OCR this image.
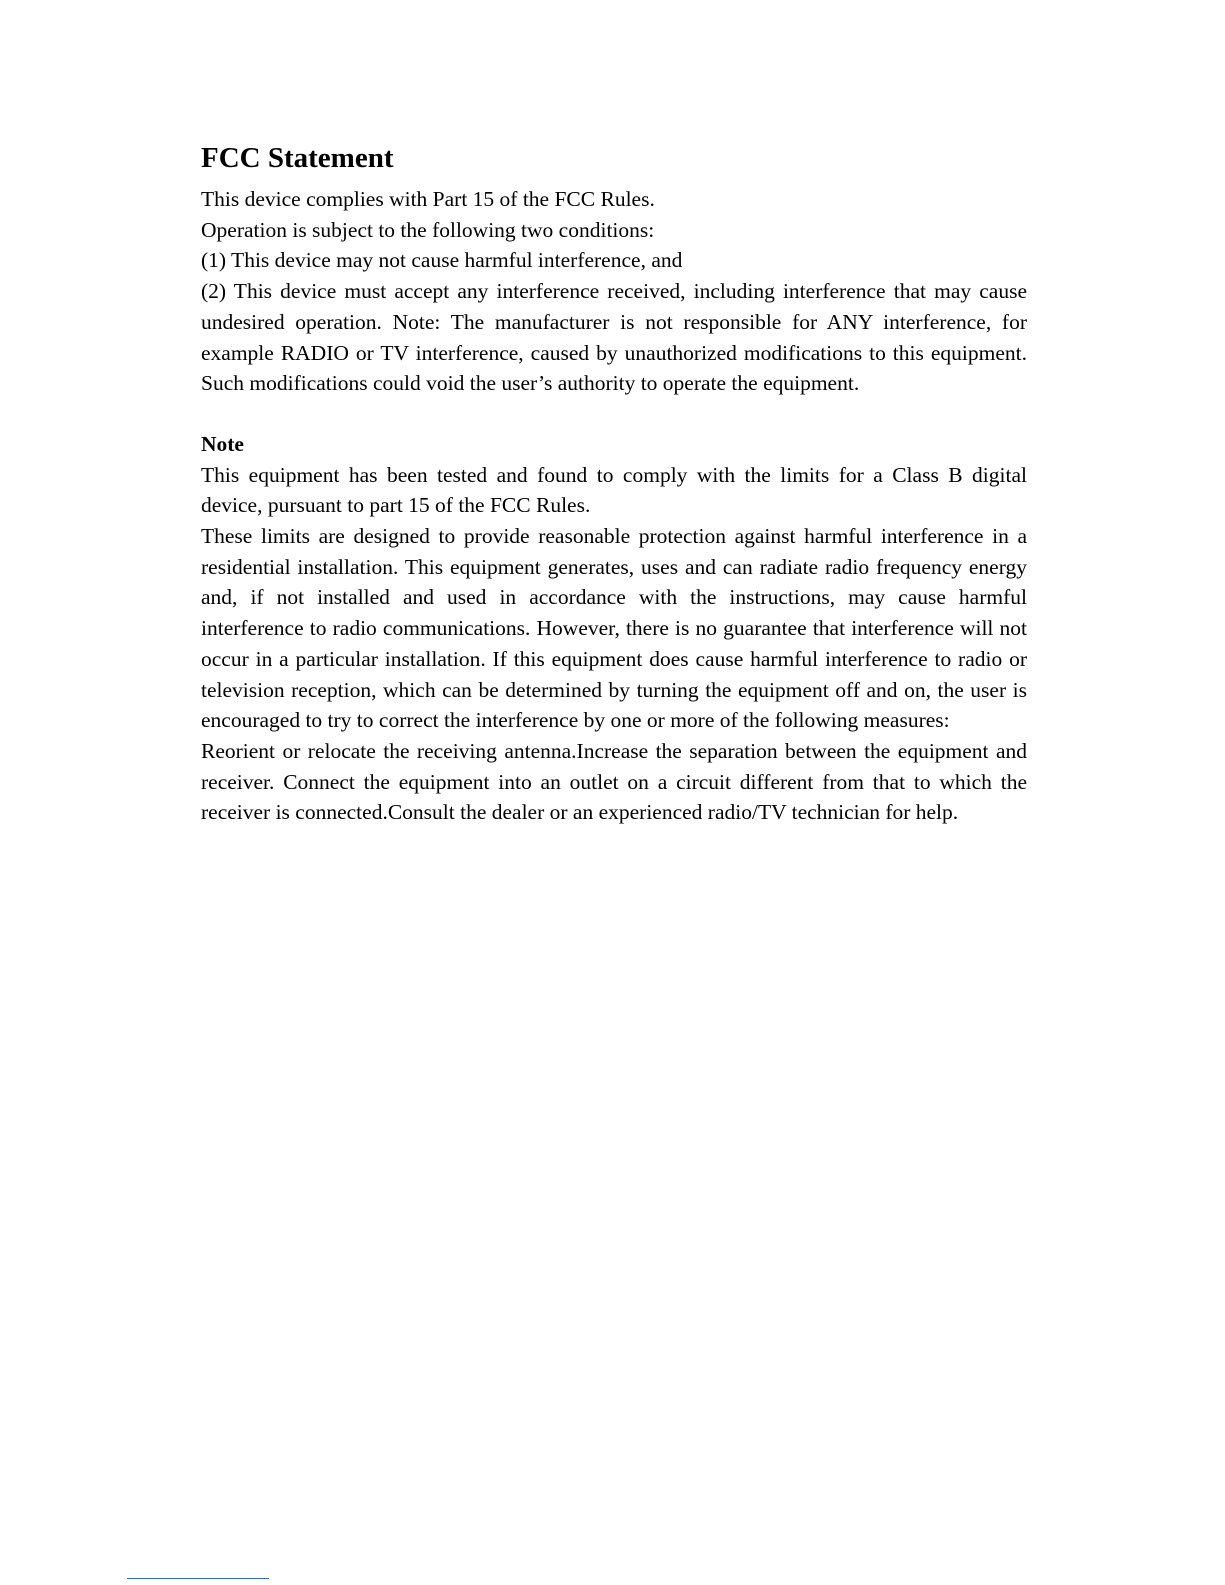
FCC Statement

This device complies with Part 15 of the FCC Rules.

Operation is subject to the following two conditions:

(1) This device may not cause harmful interference, and

(2) This device must accept any interference received, including interference that may cause undesired operation. Note: The manufacturer is not responsible for ANY interference, for example RADIO or TV interference, caused by unauthorized modifications to this equipment. Such modifications could void the user’s authority to operate the equipment.

Note

This equipment has been tested and found to comply with the limits for a Class B digital device, pursuant to part 15 of the FCC Rules.

These limits are designed to provide reasonable protection against harmful interference in a residential installation. This equipment generates, uses and can radiate radio frequency energy and, if not installed and used in accordance with the instructions, may cause harmful interference to radio communications. However, there is no guarantee that interference will not occur in a particular installation. If this equipment does cause harmful interference to radio or television reception, which can be determined by turning the equipment off and on, the user is encouraged to try to correct the interference by one or more of the following measures:

Reorient or relocate the receiving antenna.Increase the separation between the equipment and receiver. Connect the equipment into an outlet on a circuit different from that to which the receiver is connected.Consult the dealer or an experienced radio/TV technician for help.
